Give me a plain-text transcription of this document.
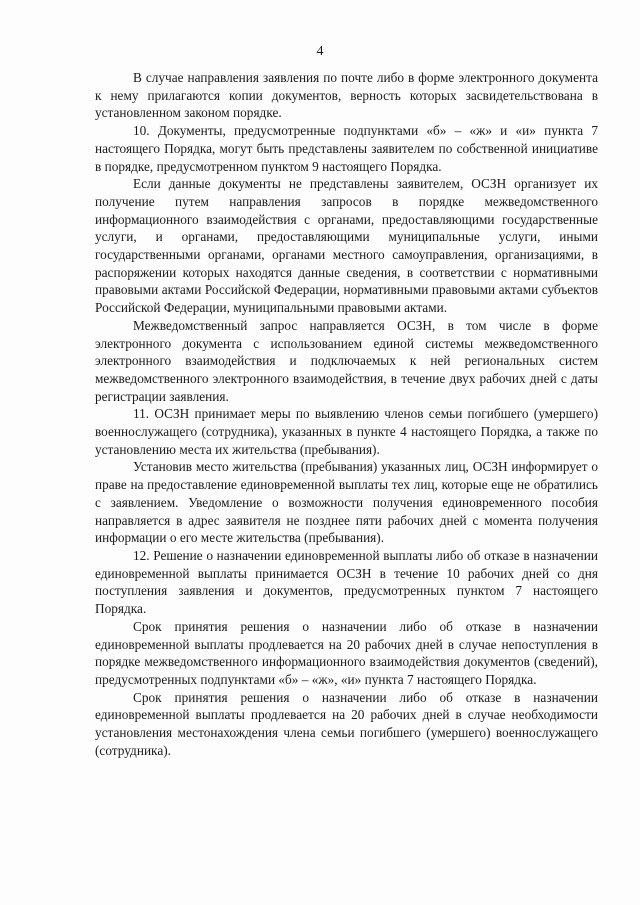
4

В случае направления заявления по почте либо в форме электронного документа к нему прилагаются копии документов, верность которых засвидетельствована в установленном законом порядке.

10. Документы, предусмотренные подпунктами «б» – «ж» и «и» пункта 7 настоящего Порядка, могут быть представлены заявителем по собственной инициативе в порядке, предусмотренном пунктом 9 настоящего Порядка.

Если данные документы не представлены заявителем, ОСЗН организует их получение путем направления запросов в порядке межведомственного информационного взаимодействия с органами, предоставляющими государственные услуги, и органами, предоставляющими муниципальные услуги, иными государственными органами, органами местного самоуправления, организациями, в распоряжении которых находятся данные сведения, в соответствии с нормативными правовыми актами Российской Федерации, нормативными правовыми актами субъектов Российской Федерации, муниципальными правовыми актами.

Межведомственный запрос направляется ОСЗН, в том числе в форме электронного документа с использованием единой системы межведомственного электронного взаимодействия и подключаемых к ней региональных систем межведомственного электронного взаимодействия, в течение двух рабочих дней с даты регистрации заявления.

11. ОСЗН принимает меры по выявлению членов семьи погибшего (умершего) военнослужащего (сотрудника), указанных в пункте 4 настоящего Порядка, а также по установлению места их жительства (пребывания).

Установив место жительства (пребывания) указанных лиц, ОСЗН информирует о праве на предоставление единовременной выплаты тех лиц, которые еще не обратились с заявлением. Уведомление о возможности получения единовременного пособия направляется в адрес заявителя не позднее пяти рабочих дней с момента получения информации о его месте жительства (пребывания).

12. Решение о назначении единовременной выплаты либо об отказе в назначении единовременной выплаты принимается ОСЗН в течение 10 рабочих дней со дня поступления заявления и документов, предусмотренных пунктом 7 настоящего Порядка.

Срок принятия решения о назначении либо об отказе в назначении единовременной выплаты продлевается на 20 рабочих дней в случае непоступления в порядке межведомственного информационного взаимодействия документов (сведений), предусмотренных подпунктами «б» – «ж», «и» пункта 7 настоящего Порядка.

Срок принятия решения о назначении либо об отказе в назначении единовременной выплаты продлевается на 20 рабочих дней в случае необходимости установления местонахождения члена семьи погибшего (умершего) военнослужащего (сотрудника).
